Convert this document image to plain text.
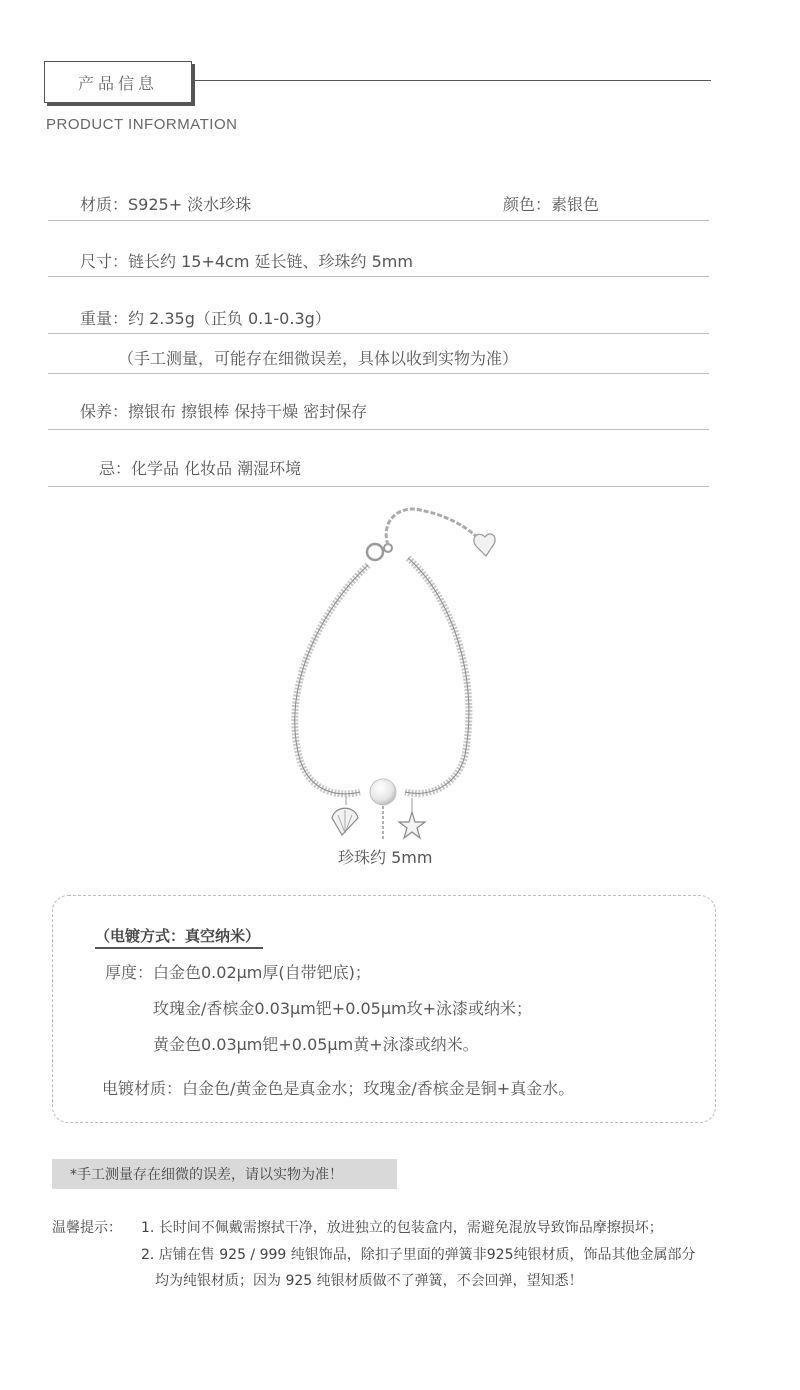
产品信息
PRODUCT INFORMATION
材质：S925+ 淡水珍珠	颜色：素银色
尺寸：链长约 15+4cm 延长链、珍珠约 5mm
重量：约 2.35g（正负 0.1-0.3g）
（手工测量，可能存在细微误差，具体以收到实物为准）
保养：擦银布 擦银棒 保持干燥 密封保存
忌：化学品 化妆品 潮湿环境
珍珠约 5mm
（电镀方式：真空纳米）
厚度：白金色0.02μm厚(自带钯底)；
玫瑰金/香槟金0.03μm钯+0.05μm玫+泳漆或纳米；
黄金色0.03μm钯+0.05μm黄+泳漆或纳米。
电镀材质：白金色/黄金色是真金水；玫瑰金/香槟金是铜+真金水。
*手工测量存在细微的误差，请以实物为准！
温馨提示： 1. 长时间不佩戴需擦拭干净，放进独立的包装盒内，需避免混放导致饰品摩擦损坏；
2. 店铺在售 925 / 999 纯银饰品，除扣子里面的弹簧非925纯银材质，饰品其他金属部分
均为纯银材质；因为 925 纯银材质做不了弹簧，不会回弹，望知悉！
